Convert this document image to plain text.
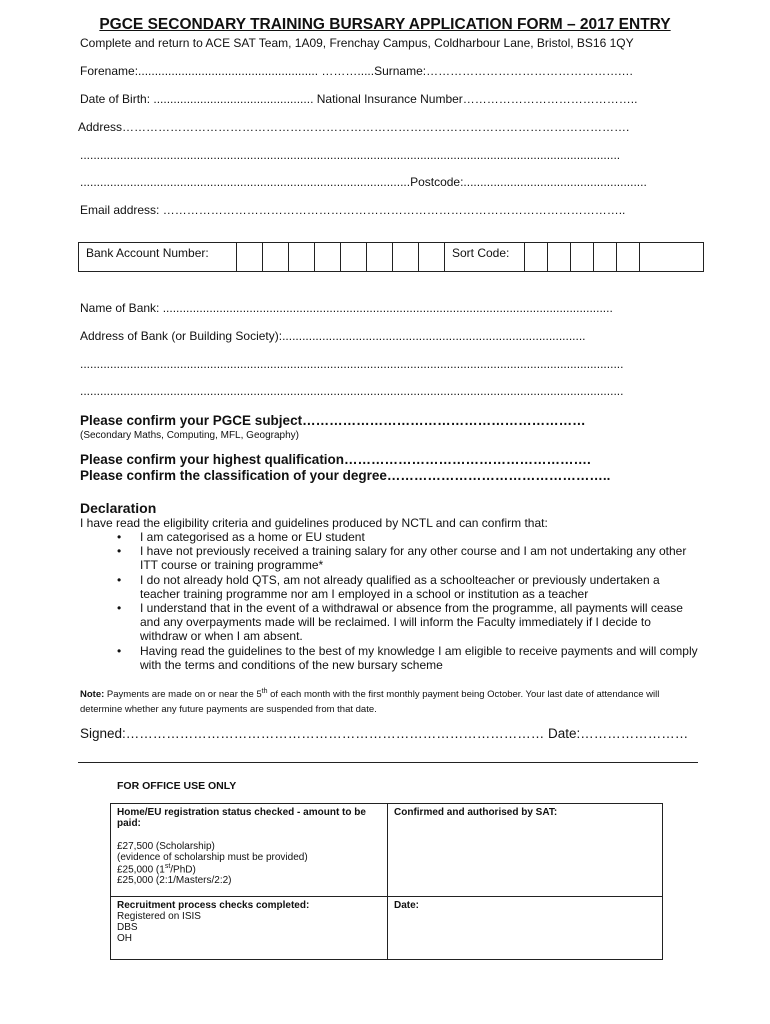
PGCE SECONDARY TRAINING BURSARY APPLICATION FORM – 2017 ENTRY
Complete and return to ACE SAT Team, 1A09, Frenchay Campus, Coldharbour Lane, Bristol, BS16 1QY
Forename:...................................................... ……….....Surname:………………………………………….…
Date of Birth: ................................................ National Insurance Number……………………………………..
Address……………………………………………………………………………………………………………….
..................................................................................................................................................................
...................................................................................................Postcode:.......................................................
Email address: ……………………………………………………………………………………………………..
Bank Account Number:	Sort Code:
Name of Bank: .......................................................................................................................................
Address of Bank (or Building Society):...........................................................................................
...................................................................................................................................................................
...................................................................................................................................................................
Please confirm your PGCE subject………………………………………………………
(Secondary Maths, Computing, MFL, Geography)
Please confirm your highest qualification……………………………………………….
Please confirm the classification of your degree…………………………………………..
Declaration
I have read the eligibility criteria and guidelines produced by NCTL and can confirm that:
• I am categorised as a home or EU student
• I have not previously received a training salary for any other course and I am not undertaking any other ITT course or training programme*
• I do not already hold QTS, am not already qualified as a schoolteacher or previously undertaken a teacher training programme nor am I employed in a school or institution as a teacher
• I understand that in the event of a withdrawal or absence from the programme, all payments will cease and any overpayments made will be reclaimed. I will inform the Faculty immediately if I decide to withdraw or when I am absent.
• Having read the guidelines to the best of my knowledge I am eligible to receive payments and will comply with the terms and conditions of the new bursary scheme
Note: Payments are made on or near the 5th of each month with the first monthly payment being October. Your last date of attendance will determine whether any future payments are suspended from that date.
Signed:………………………………………………………………………………… Date:……………………
FOR OFFICE USE ONLY
Home/EU registration status checked - amount to be paid:
£27,500 (Scholarship)
(evidence of scholarship must be provided)
£25,000 (1st/PhD)
£25,000 (2:1/Masters/2:2)	Confirmed and authorised by SAT:

Recruitment process checks completed:
Registered on ISIS
DBS
OH	Date:
